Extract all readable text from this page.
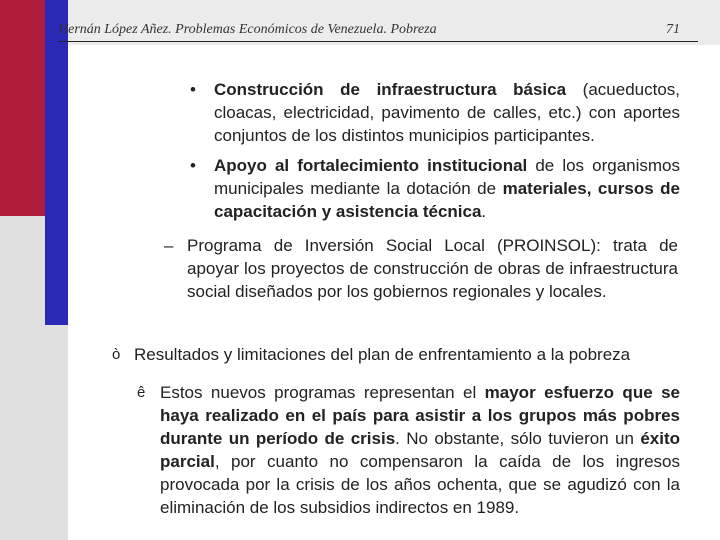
Hernán López Añez. Problemas Económicos de Venezuela. Pobreza	71
• Construcción de infraestructura básica (acueductos, cloacas, electricidad, pavimento de calles, etc.) con aportes conjuntos de los distintos municipios participantes.
• Apoyo al fortalecimiento institucional de los organismos municipales mediante la dotación de materiales, cursos de capacitación y asistencia técnica.
– Programa de Inversión Social Local (PROINSOL): trata de apoyar los proyectos de construcción de obras de infraestructura social diseñados por los gobiernos regionales y locales.
ò Resultados y limitaciones del plan de enfrentamiento a la pobreza
ê Estos nuevos programas representan el mayor esfuerzo que se haya realizado en el país para asistir a los grupos más pobres durante un período de crisis. No obstante, sólo tuvieron un éxito parcial, por cuanto no compensaron la caída de los ingresos provocada por la crisis de los años ochenta, que se agudizó con la eliminación de los subsidios indirectos en 1989.
